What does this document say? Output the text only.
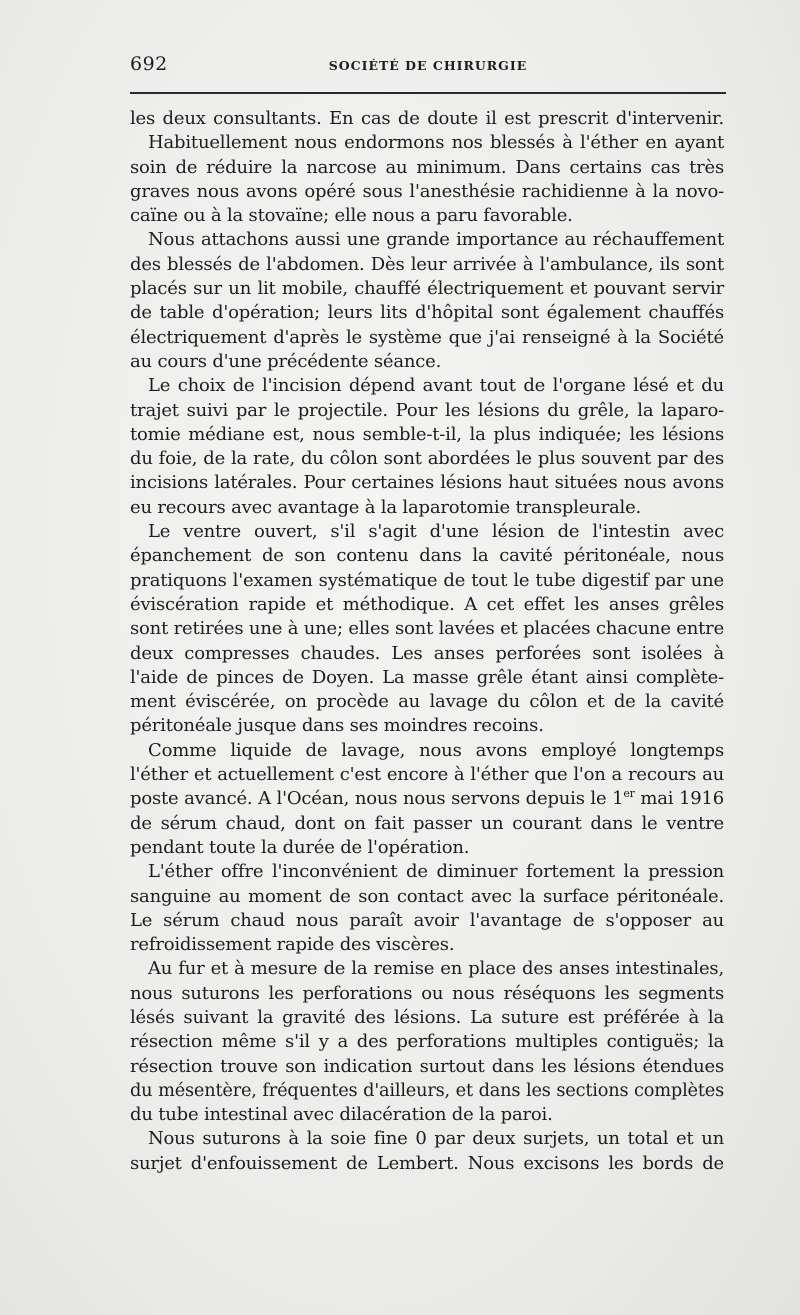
692	SOCIÉTÉ DE CHIRURGIE
les deux consultants. En cas de doute il est prescrit d'intervenir.
Habituellement nous endormons nos blessés à l'éther en ayant
soin de réduire la narcose au minimum. Dans certains cas très
graves nous avons opéré sous l'anesthésie rachidienne à la novo-
caïne ou à la stovaïne; elle nous a paru favorable.
Nous attachons aussi une grande importance au réchauffement
des blessés de l'abdomen. Dès leur arrivée à l'ambulance, ils sont
placés sur un lit mobile, chauffé électriquement et pouvant servir
de table d'opération; leurs lits d'hôpital sont également chauffés
électriquement d'après le système que j'ai renseigné à la Société
au cours d'une précédente séance.
Le choix de l'incision dépend avant tout de l'organe lésé et du
trajet suivi par le projectile. Pour les lésions du grêle, la laparo-
tomie médiane est, nous semble-t-il, la plus indiquée; les lésions
du foie, de la rate, du côlon sont abordées le plus souvent par des
incisions latérales. Pour certaines lésions haut situées nous avons
eu recours avec avantage à la laparotomie transpleurale.
Le ventre ouvert, s'il s'agit d'une lésion de l'intestin avec
épanchement de son contenu dans la cavité péritonéale, nous
pratiquons l'examen systématique de tout le tube digestif par une
éviscération rapide et méthodique. A cet effet les anses grêles
sont retirées une à une; elles sont lavées et placées chacune entre
deux compresses chaudes. Les anses perforées sont isolées à
l'aide de pinces de Doyen. La masse grêle étant ainsi complète-
ment éviscérée, on procède au lavage du côlon et de la cavité
péritonéale jusque dans ses moindres recoins.
Comme liquide de lavage, nous avons employé longtemps
l'éther et actuellement c'est encore à l'éther que l'on a recours au
poste avancé. A l'Océan, nous nous servons depuis le 1er mai 1916
de sérum chaud, dont on fait passer un courant dans le ventre
pendant toute la durée de l'opération.
L'éther offre l'inconvénient de diminuer fortement la pression
sanguine au moment de son contact avec la surface péritonéale.
Le sérum chaud nous paraît avoir l'avantage de s'opposer au
refroidissement rapide des viscères.
Au fur et à mesure de la remise en place des anses intestinales,
nous suturons les perforations ou nous réséquons les segments
lésés suivant la gravité des lésions. La suture est préférée à la
résection même s'il y a des perforations multiples contiguës; la
résection trouve son indication surtout dans les lésions étendues
du mésentère, fréquentes d'ailleurs, et dans les sections complètes
du tube intestinal avec dilacération de la paroi.
Nous suturons à la soie fine 0 par deux surjets, un total et un
surjet d'enfouissement de Lembert. Nous excisons les bords de
